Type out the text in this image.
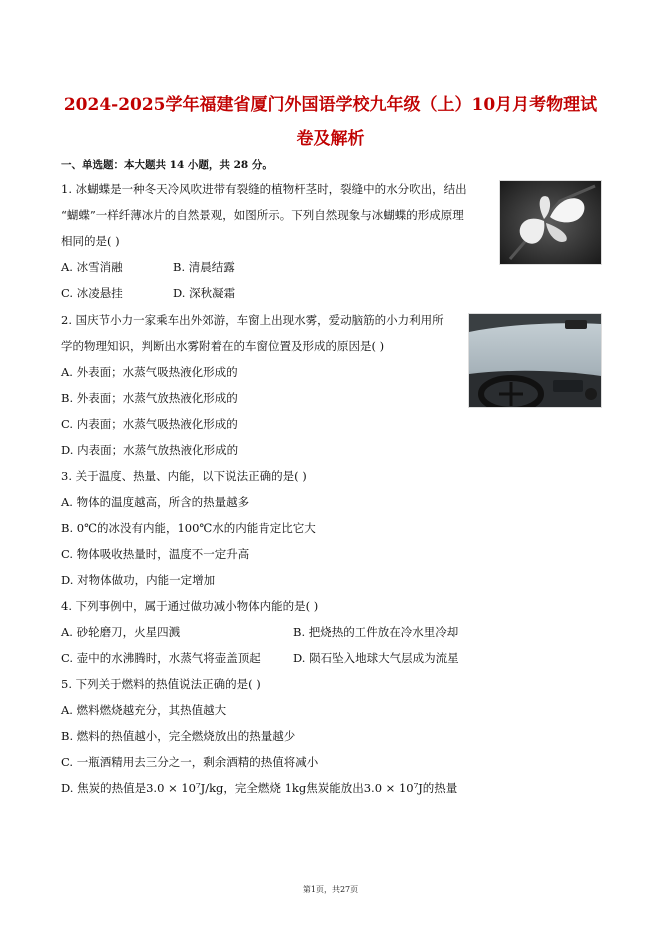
2024-2025学年福建省厦门外国语学校九年级（上）10月月考物理试
卷及解析
一、单选题：本大题共 14 小题，共 28 分。
1. 冰蝴蝶是一种冬天冷风吹进带有裂缝的植物杆茎时，裂缝中的水分吹出，结出
“蝴蝶”一样纤薄冰片的自然景观，如图所示。下列自然现象与冰蝴蝶的形成原理
相同的是( )
A. 冰雪消融	B. 清晨结露
C. 冰凌悬挂	D. 深秋凝霜
2. 国庆节小力一家乘车出外郊游，车窗上出现水雾，爱动脑筋的小力利用所
学的物理知识，判断出水雾附着在的车窗位置及形成的原因是( )
A. 外表面；水蒸气吸热液化形成的
B. 外表面；水蒸气放热液化形成的
C. 内表面；水蒸气吸热液化形成的
D. 内表面；水蒸气放热液化形成的
3. 关于温度、热量、内能，以下说法正确的是( )
A. 物体的温度越高，所含的热量越多
B. 0℃的冰没有内能，100℃水的内能肯定比它大
C. 物体吸收热量时，温度不一定升高
D. 对物体做功，内能一定增加
4. 下列事例中，属于通过做功减小物体内能的是( )
A. 砂轮磨刀，火星四溅	B. 把烧热的工件放在冷水里冷却
C. 壶中的水沸腾时，水蒸气将壶盖顶起	D. 陨石坠入地球大气层成为流星
5. 下列关于燃料的热值说法正确的是( )
A. 燃料燃烧越充分，其热值越大
B. 燃料的热值越小，完全燃烧放出的热量越少
C. 一瓶酒精用去三分之一，剩余酒精的热值将减小
D. 焦炭的热值是3.0 × 10⁷J/kg，完全燃烧 1kg焦炭能放出3.0 × 10⁷J的热量
第1页，共27页
